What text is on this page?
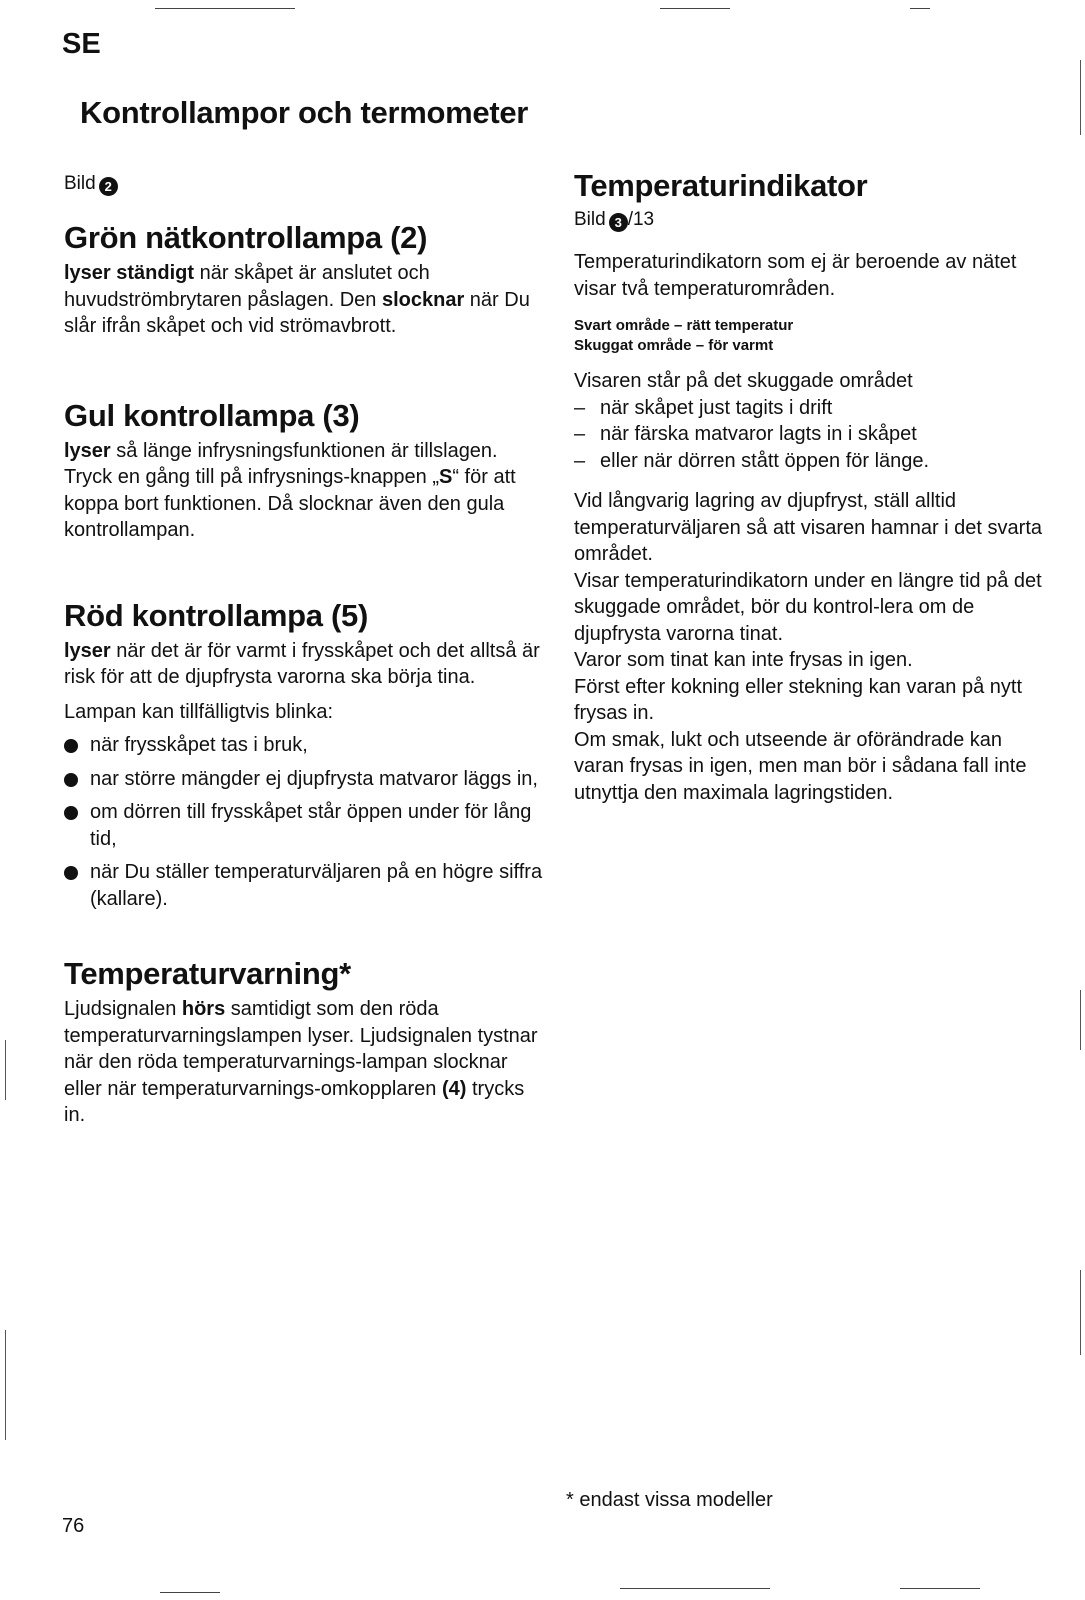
SE
Kontrollampor och termometer

Bild 2

Grön nätkontrollampa (2)

lyser ständigt när skåpet är anslutet och huvudströmbrytaren påslagen. Den slocknar när Du slår ifrån skåpet och vid strömavbrott.

Gul kontrollampa (3)

lyser så länge infrysningsfunktionen är tillslagen. Tryck en gång till på infrysnings-knappen „S“ för att koppa bort funktionen. Då slocknar även den gula kontrollampan.

Röd kontrollampa (5)

lyser när det är för varmt i frysskåpet och det alltså är risk för att de djupfrysta varorna ska börja tina.

Lampan kan tillfälligtvis blinka:

när frysskåpet tas i bruk,
nar större mängder ej djupfrysta matvaror läggs in,
om dörren till frysskåpet står öppen under för lång tid,
när Du ställer temperaturväljaren på en högre siffra (kallare).
Temperaturvarning*

Ljudsignalen hörs samtidigt som den röda temperaturvarningslampen lyser. Ljudsignalen tystnar när den röda temperaturvarnings-lampan slocknar eller när temperaturvarnings-omkopplaren (4) trycks in.

Temperaturindikator

Bild 3 /13

Temperaturindikatorn som ej är beroende av nätet visar två temperaturområden.

Svart område – rätt temperatur

Skuggat område – för varmt

Visaren står på det skuggade området

– när skåpet just tagits i drift
– när färska matvaror lagts in i skåpet
– eller när dörren stått öppen för länge.

Vid långvarig lagring av djupfryst, ställ alltid temperaturväljaren så att visaren hamnar i det svarta området.

Visar temperaturindikatorn under en längre tid på det skuggade området, bör du kontrol-lera om de djupfrysta varorna tinat.

Varor som tinat kan inte frysas in igen.

Först efter kokning eller stekning kan varan på nytt frysas in.

Om smak, lukt och utseende är oförändrade kan varan frysas in igen, men man bör i sådana fall inte utnyttja den maximala lagringstiden.

* endast vissa modeller

76
